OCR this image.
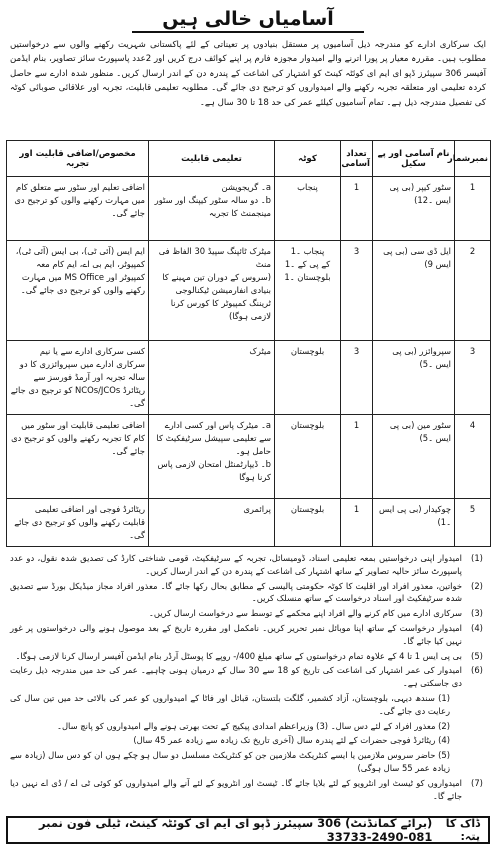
آسامیاں خالی ہیں

ایک سرکاری ادارے کو مندرجہ ذیل آسامیوں پر مستقل بنیادوں پر تعیناتی کے لئے پاکستانی شہریت رکھنے والوں سے درخواستیں مطلوب ہیں۔ مقررہ معیار پر پورا اترنے والے امیدوار مجوزہ فارم پر اپنے کوائف درج کریں اور 2عدد پاسپورٹ سائز تصاویر، بنام ایڈمن آفیسر 306 سپیئرز ڈپو ای ایم ای کوئٹہ کینٹ کو اشتہار کی اشاعت کے پندرہ دن کے اندر ارسال کریں۔ منظور شدہ ادارے سے حاصل کردہ تعلیمی اور متعلقہ تجربہ رکھنے والے امیدواروں کو ترجیح دی جائے گی۔ مطلوبہ تعلیمی قابلیت، تجربہ اور علاقائی صوبائی کوٹہ کی تفصیل مندرجہ ذیل ہے۔ تمام آسامیوں کیلئے عمر کی حد 18 تا 30 سال ہے۔

نمبرشمار	نام آسامی اور پے سکیل	تعداد آسامی	کوٹہ	تعلیمی قابلیت	مخصوص/اضافی قابلیت اور تجربہ
1	سٹور کیپر (بی پی ایس ۔12)	1	پنجاب	a۔ گریجویشن
b۔ دو سالہ سٹور کیپنگ اور سٹور مینجمنٹ کا تجربہ	اضافی تعلیم اور سٹور سے متعلق کام میں مہارت رکھنے والوں کو ترجیح دی جائے گی۔
2	ایل ڈی سی (بی پی ایس 9)	3	پنجاب ۔1
کے پی کے ۔1
بلوچستان ۔1	میٹرک ٹائپنگ سپیڈ 30 الفاظ فی منٹ
(سروس کے دوران تین مہینے کا بنیادی انفارمیشن ٹیکنالوجی ٹریننگ کمپیوٹر کا کورس کرنا لازمی ہوگا)	ایم ایس (آئی ٹی)، بی ایس (آئی ٹی)، کمپیوٹر، ایم بی اے، ایم کام معہ کمپیوٹر اور MS Office میں مہارت رکھنے والوں کو ترجیح دی جائے گی۔
3	سپروائزر (بی پی ایس ۔5)	3	بلوچستان	میٹرک	کسی سرکاری ادارے سے یا نیم سرکاری ادارے میں سپروائزری کا دو سالہ تجربہ اور آرمڈ فورسز سے ریٹائرڈ NCOs/JCOs کو ترجیح دی جائے گی۔
4	سٹور مین (بی پی ایس ۔5)	1	بلوچستان	a۔ میٹرک پاس اور کسی ادارے سے تعلیمی سپیشل سرٹیفکیٹ کا حامل ہو۔
b۔ ڈیپارٹمنٹل امتحان لازمی پاس کرنا ہوگا	اضافی تعلیمی قابلیت اور سٹور میں کام کا تجربہ رکھنے والوں کو ترجیح دی جائے گی۔
5	چوکیدار (بی پی ایس ۔1)	1	بلوچستان	پرائمری	ریٹائرڈ فوجی اور اضافی تعلیمی قابلیت رکھنے والوں کو ترجیح دی جائے گی۔
(1)
امیدوار اپنی درخواستیں بمعہ تعلیمی اسناد، ڈومیسائل، تجربہ کے سرٹیفکیٹ، قومی شناختی کارڈ کی تصدیق شدہ نقول، دو عدد پاسپورٹ سائز حالیہ تصاویر کے ساتھ اشتہار کی اشاعت کے پندرہ دن کے اندر ارسال کریں۔
(2)
خواتین، معذور افراد اور اقلیت کا کوٹہ حکومتی پالیسی کے مطابق بحال رکھا جائے گا۔ معذور افراد مجاز میڈیکل بورڈ سے تصدیق شدہ سرٹیفکیٹ اور اسناد درخواست کے ساتھ منسلک کریں۔
(3)
سرکاری ادارے میں کام کرنے والے افراد اپنے محکمے کے توسط سے درخواست ارسال کریں۔
(4)
امیدوار درخواست کے ساتھ اپنا موبائل نمبر تحریر کریں۔ نامکمل اور مقررہ تاریخ کے بعد موصول ہونے والی درخواستوں پر غور نہیں کیا جائے گا۔
(5)
بی پی ایس 1 تا 4 کے علاوہ تمام درخواستوں کے ساتھ مبلغ 400/- روپے کا پوسٹل آرڈر بنام ایڈمن آفیسر ارسال کرنا لازمی ہوگا۔
(6)
امیدوار کی عمر اشتہار کی اشاعت کی تاریخ کو 18 سے 30 سال کے درمیان ہونی چاہیے۔ عمر کی حد میں مندرجہ ذیل رعایت دی جاسکتی ہے۔
(1) سندھ دیہی، بلوچستان، آزاد کشمیر، گلگت بلتستان، قبائل اور فاٹا کے امیدواروں کو عمر کی بالائی حد میں تین سال کی رعایت دی جائے گی۔
(2) معذور افراد کے لئے دس سال۔ (3) وزیراعظم امدادی پیکیج کے تحت بھرتی ہونے والے امیدواروں کو پانچ سال۔
(4) ریٹائرڈ فوجی حضرات کے لئے پندرہ سال (آخری تاریخ تک زیادہ سے زیادہ عمر 45 سال)
(5) حاضر سروس ملازمین یا ایسے کنٹریکٹ ملازمین جن کو کنٹریکٹ مسلسل دو سال ہو چکے ہوں ان کو دس سال (زیادہ سے زیادہ عمر 55 سال ہوگی)
(7)
امیدواروں کو ٹیسٹ اور انٹرویو کے لئے بلایا جائے گا۔ ٹیسٹ اور انٹرویو کے لئے آنے والے امیدواروں کو کوئی ٹی اے / ڈی اے نہیں دیا جائے گا۔
ڈاک کا پتہ:
(برائے کمانڈنٹ) 306 سپیئرز ڈپو ای ایم ای کوئٹہ کینٹ، ٹیلی فون نمبر 081-2490-33733
